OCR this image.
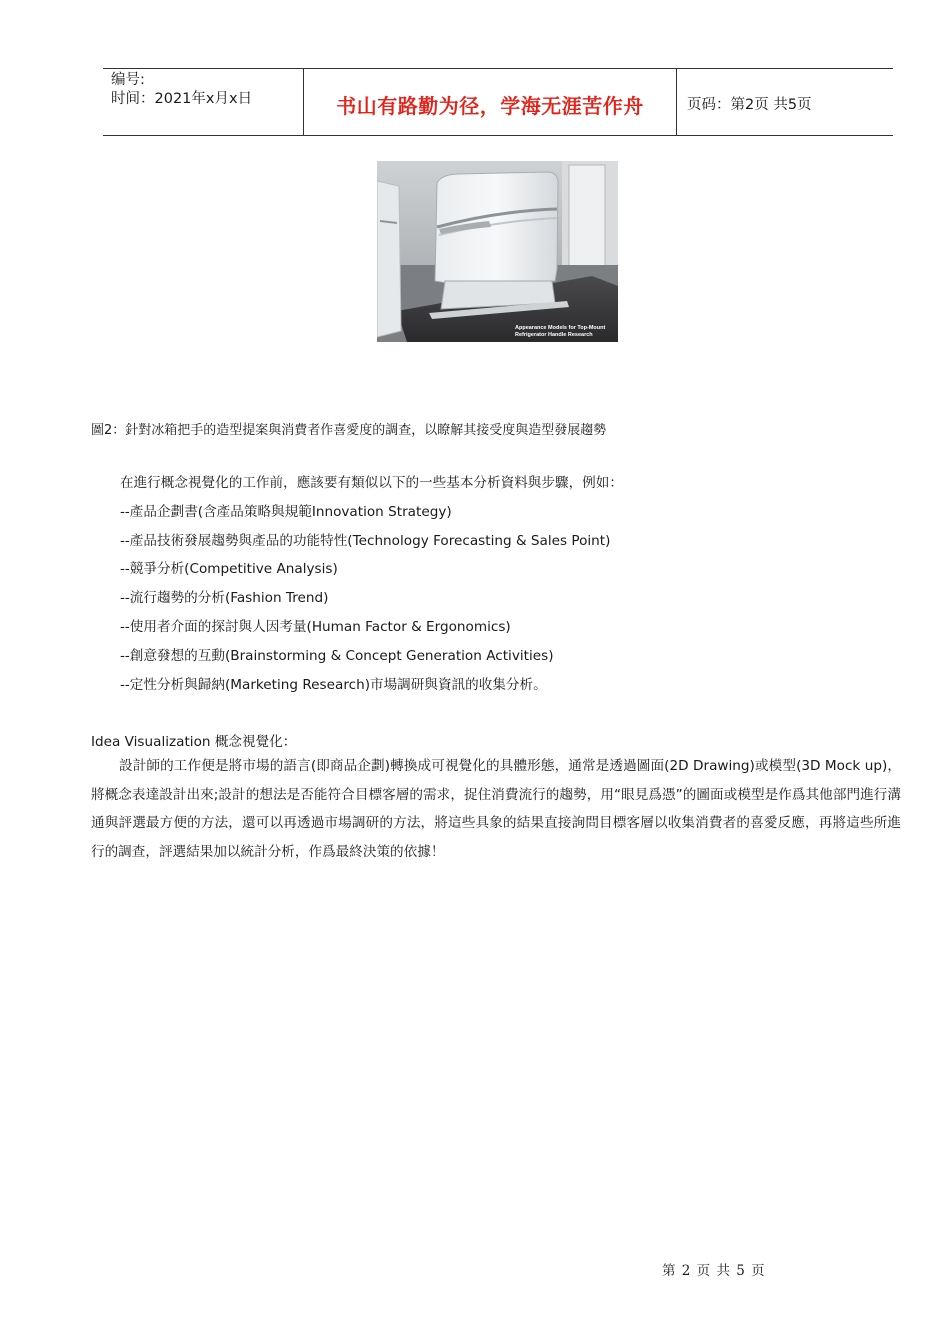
编号:
时间：2021年x月x日	书山有路勤为径，学海无涯苦作舟	页码：第2页 共5页
Appearance Models for Top-Mount
Refrigerator Handle Research
圖2：針對冰箱把手的造型提案與消費者作喜愛度的調查，以瞭解其接受度與造型發展趨勢
在進行概念視覺化的工作前，應該要有類似以下的一些基本分析資料與步驟，例如：
--產品企劃書(含產品策略與規範Innovation Strategy)
--產品技術發展趨勢與產品的功能特性(Technology Forecasting & Sales Point)
--競爭分析(Competitive Analysis)
--流行趨勢的分析(Fashion Trend)
--使用者介面的探討與人因考量(Human Factor & Ergonomics)
--創意發想的互動(Brainstorming & Concept Generation Activities)
--定性分析與歸納(Marketing Research)市場調研與資訊的收集分析。
Idea Visualization 概念視覺化：

設計師的工作便是將市場的語言(即商品企劃)轉換成可視覺化的具體形態，通常是透過圖面(2D Drawing)或模型(3D Mock up)，將概念表達設計出來;設計的想法是否能符合目標客層的需求，捉住消費流行的趨勢，用“眼見爲憑”的圖面或模型是作爲其他部門進行溝通與評選最方便的方法，還可以再透過市場調研的方法，將這些具象的結果直接詢問目標客層以收集消費者的喜愛反應，再將這些所進行的調查，評選結果加以統計分析，作爲最終決策的依據！

第 2 页 共 5 页
